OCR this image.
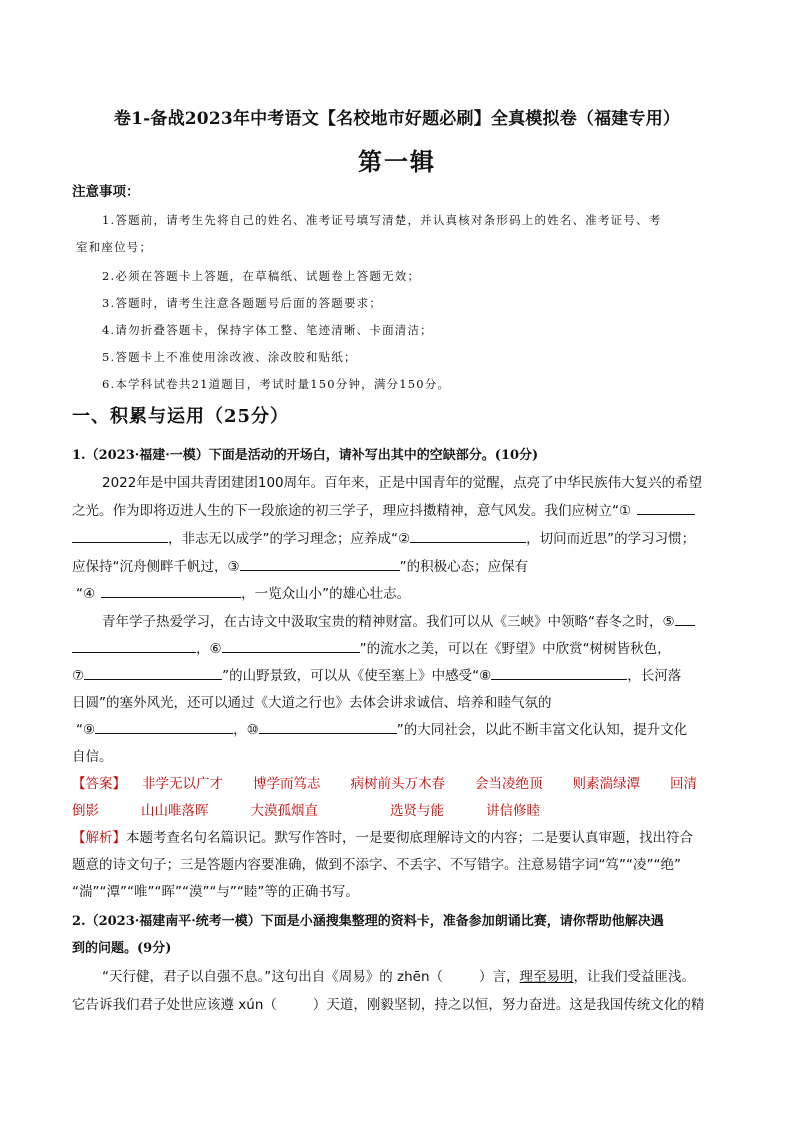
卷1-备战2023年中考语文【名校地市好题必刷】全真模拟卷（福建专用）
第一辑
注意事项：
1.答题前，请考生先将自己的姓名、准考证号填写清楚，并认真核对条形码上的姓名、准考证号、考
室和座位号；
2.必须在答题卡上答题，在草稿纸、试题卷上答题无效；
3.答题时，请考生注意各题题号后面的答题要求；
4.请勿折叠答题卡，保持字体工整、笔迹清晰、卡面清洁；
5.答题卡上不准使用涂改液、涂改胶和贴纸；
6.本学科试卷共21道题目，考试时量150分钟，满分150分。
一、积累与运用（25分）
1.（2023·福建·一模）下面是活动的开场白，请补写出其中的空缺部分。(10分)
2022年是中国共青团建团100周年。百年来，正是中国青年的觉醒，点亮了中华民族伟大复兴的希望
之光。作为即将迈进人生的下一段旅途的初三学子，理应抖擞精神，意气风发。我们应树立“①
，非志无以成学”的学习理念；应养成“②	，切问而近思”的学习习惯；
应保持“沉舟侧畔千帆过，③	”的积极心态；应保有
“④	，一览众山小”的雄心壮志。
青年学子热爱学习，在古诗文中汲取宝贵的精神财富。我们可以从《三峡》中领略“春冬之时，⑤
，⑥	”的流水之美，可以在《野望》中欣赏“树树皆秋色，
⑦	”的山野景致，可以从《使至塞上》中感受“⑧	，长河落
日圆”的塞外风光，还可以通过《大道之行也》去体会讲求诚信、培养和睦气氛的
“⑨	，⑩	”的大同社会，以此不断丰富文化认知，提升文化
自信。
【答案】 非学无以广才 博学而笃志 病树前头万木春 会当凌绝顶 则素湍绿潭 回清
倒影	山山唯落晖	大漠孤烟直	选贤与能	讲信修睦
【解析】本题考查名句名篇识记。默写作答时，一是要彻底理解诗文的内容；二是要认真审题，找出符合
题意的诗文句子；三是答题内容要准确，做到不添字、不丢字、不写错字。注意易错字词“笃”“凌”“绝”
“湍”“潭”“唯”“晖”“漠”“与”“睦”等的正确书写。
2.（2023·福建南平·统考一模）下面是小涵搜集整理的资料卡，准备参加朗诵比赛，请你帮助他解决遇
到的问题。(9分)
“天行健，君子以自强不息。”这句出自《周易》的 zhēn（	）言，理至易明，让我们受益匪浅。
它告诉我们君子处世应该遵 xún（	）天道，刚毅坚韧，持之以恒，努力奋进。这是我国传统文化的精
